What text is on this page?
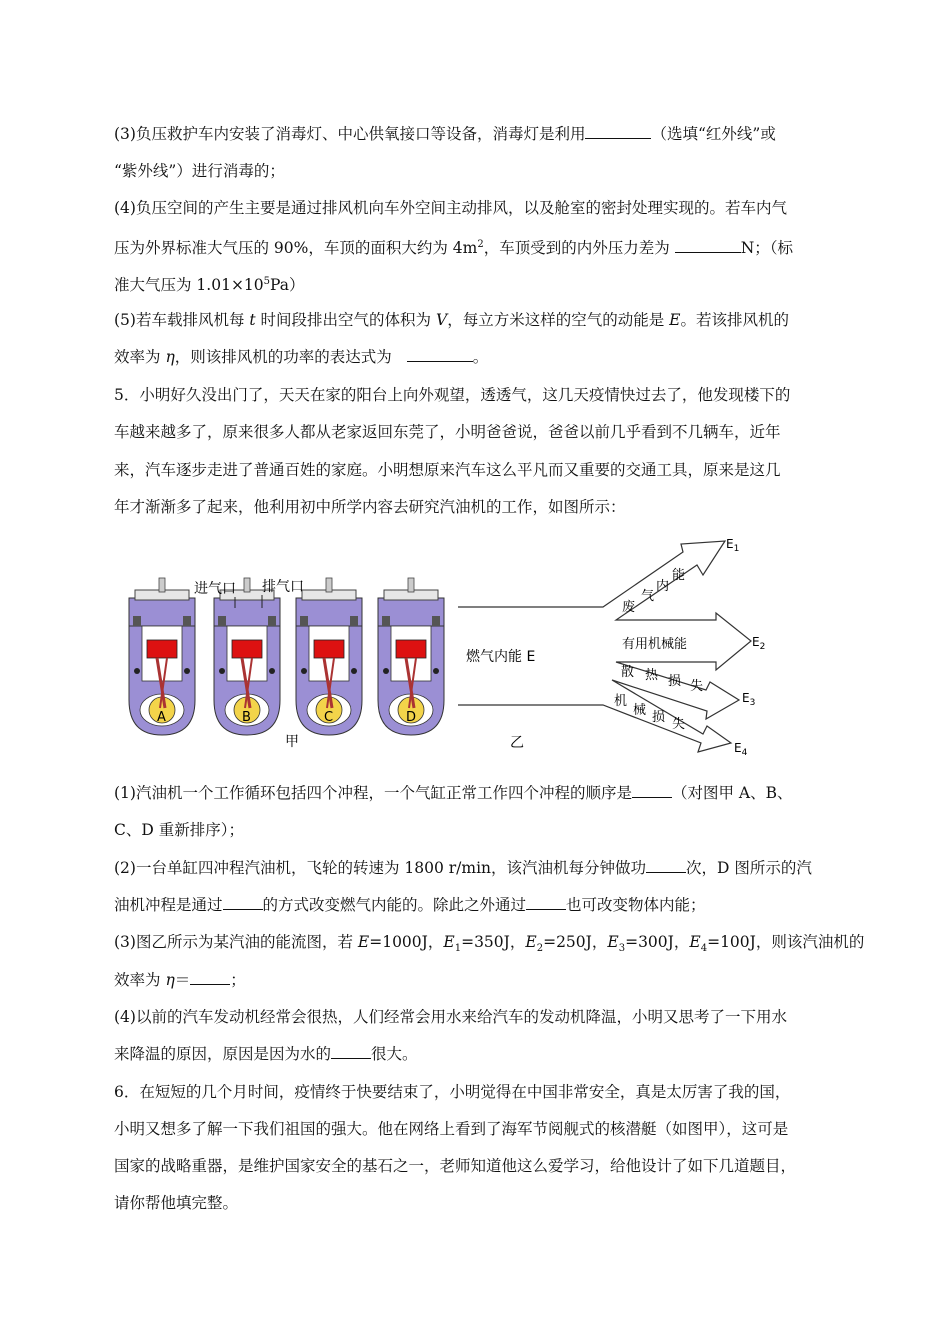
(3)负压救护车内安装了消毒灯、中心供氧接口等设备，消毒灯是利用	（选填“红外线”或
“紫外线”）进行消毒的；
(4)负压空间的产生主要是通过排风机向车外空间主动排风，以及舱室的密封处理实现的。若车内气
压为外界标准大气压的 90%，车顶的面积大约为 $4m^2$，车顶受到的内外压力差为	N；（标
准大气压为 $1.01\times 10^5Pa$）
(5)若车载排风机每 t 时间段排出空气的体积为 V，每立方米这样的空气的动能是 E。若该排风机的
效率为 η，则该排风机的功率的表达式为	。
5．小明好久没出门了，天天在家的阳台上向外观望，透透气，这几天疫情快过去了，他发现楼下的
车越来越多了，原来很多人都从老家返回东莞了，小明爸爸说，爸爸以前几乎看到不几辆车，近年
来，汽车逐步走进了普通百姓的家庭。小明想原来汽车这么平凡而又重要的交通工具，原来是这几
年才渐渐多了起来，他利用初中所学内容去研究汽油机的工作，如图所示：
进气口 排气口
A	B	C	D
甲	乙
燃气内能 E
废
气
内
能
有用机械能
散 热 损 失
机
械 损 失
$E_1$
$E_2$
$E_3$
$E_4$
(1)汽油机一个工作循环包括四个冲程，一个气缸正常工作四个冲程的顺序是	（对图甲 A、B、
C、D 重新排序）；
(2)一台单缸四冲程汽油机，飞轮的转速为 1800 r/min，该汽油机每分钟做功	次，D 图所示的汽
油机冲程是通过	的方式改变燃气内能的。除此之外通过	也可改变物体内能；
(3)图乙所示为某汽油的能流图，若 E=1000J，$E_1=350J$，$E_2=250J$，$E_3=300J$，$E_4=100J$，则该汽油机的
效率为 η＝	；
(4)以前的汽车发动机经常会很热，人们经常会用水来给汽车的发动机降温，小明又思考了一下用水
来降温的原因，原因是因为水的	很大。
6．在短短的几个月时间，疫情终于快要结束了，小明觉得在中国非常安全，真是太厉害了我的国，
小明又想多了解一下我们祖国的强大。他在网络上看到了海军节阅舰式的核潜艇（如图甲），这可是
国家的战略重器，是维护国家安全的基石之一，老师知道他这么爱学习，给他设计了如下几道题目，
请你帮他填完整。
